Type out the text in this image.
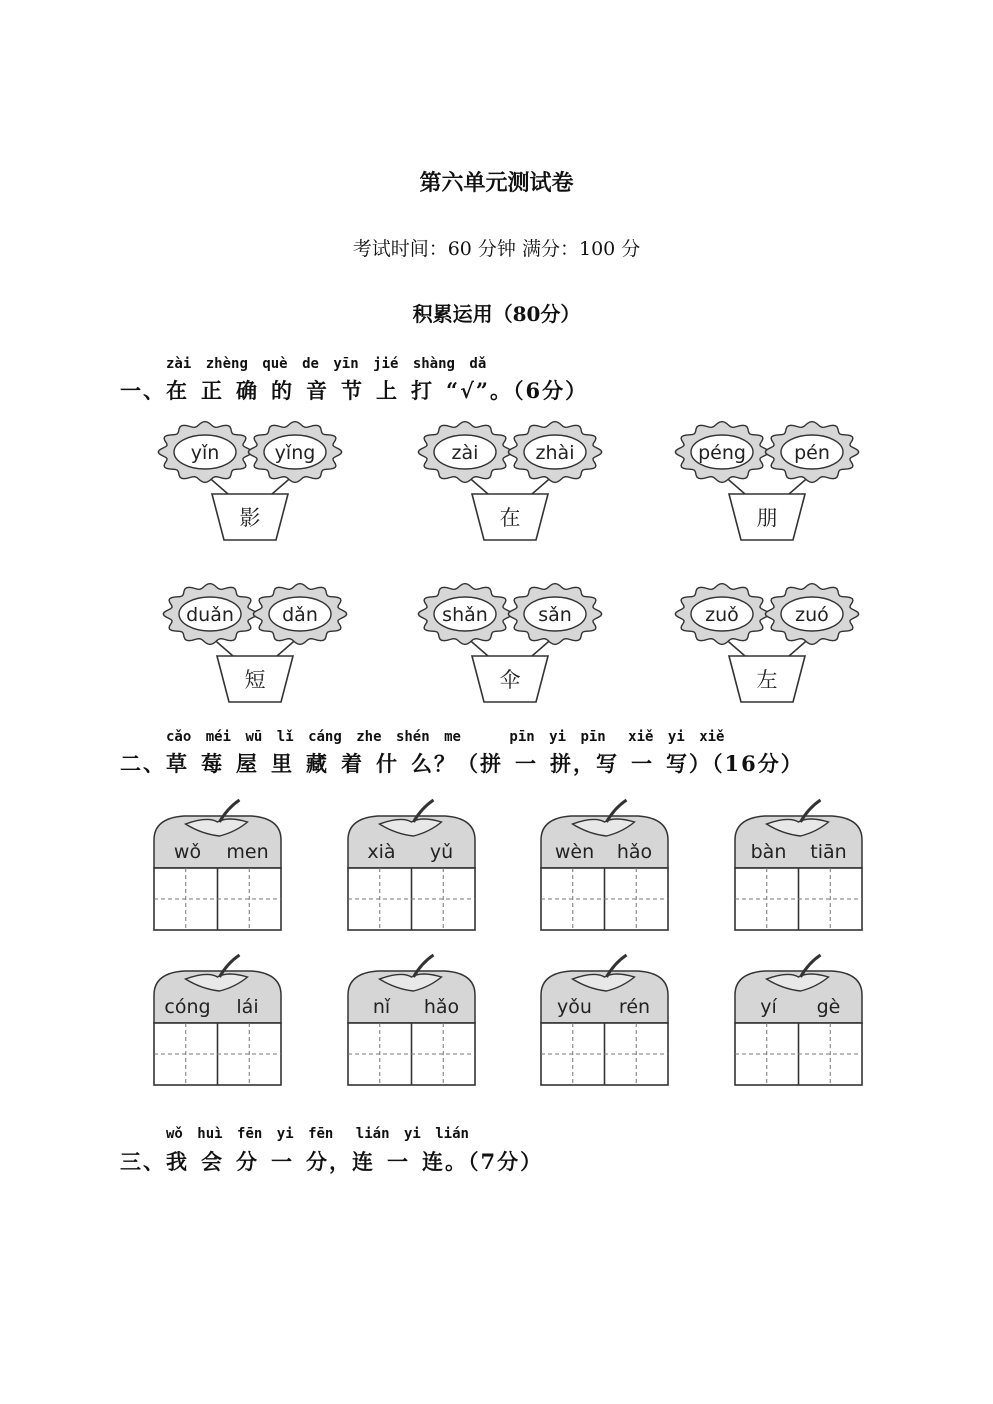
第六单元测试卷
考试时间：60 分钟 满分：100 分
积累运用（80分）
zài zhèng què de yīn jié shàng dǎ
一、在 正 确 的 音 节 上 打 “√”。（6分）
影
yǐn	yǐng
在
zài	zhài
朋
péng	pén
短
duǎn	dǎn
伞
shǎn	sǎn
左
zuǒ	zuó
wǒ men	xià yǔ	wèn hǎo	bàn tiān
cóng lái	nǐ hǎo	yǒu rén	yí gè
cǎo méi wū lǐ cáng zhe shén me	pīn yi pīn xiě yi xiě
二、草 莓 屋 里 藏 着 什 么？（拼 一 拼，写 一 写）（16分）
wǒ huì fēn yi fēn lián yi lián
三、我 会 分 一 分，连 一 连。（7分）
